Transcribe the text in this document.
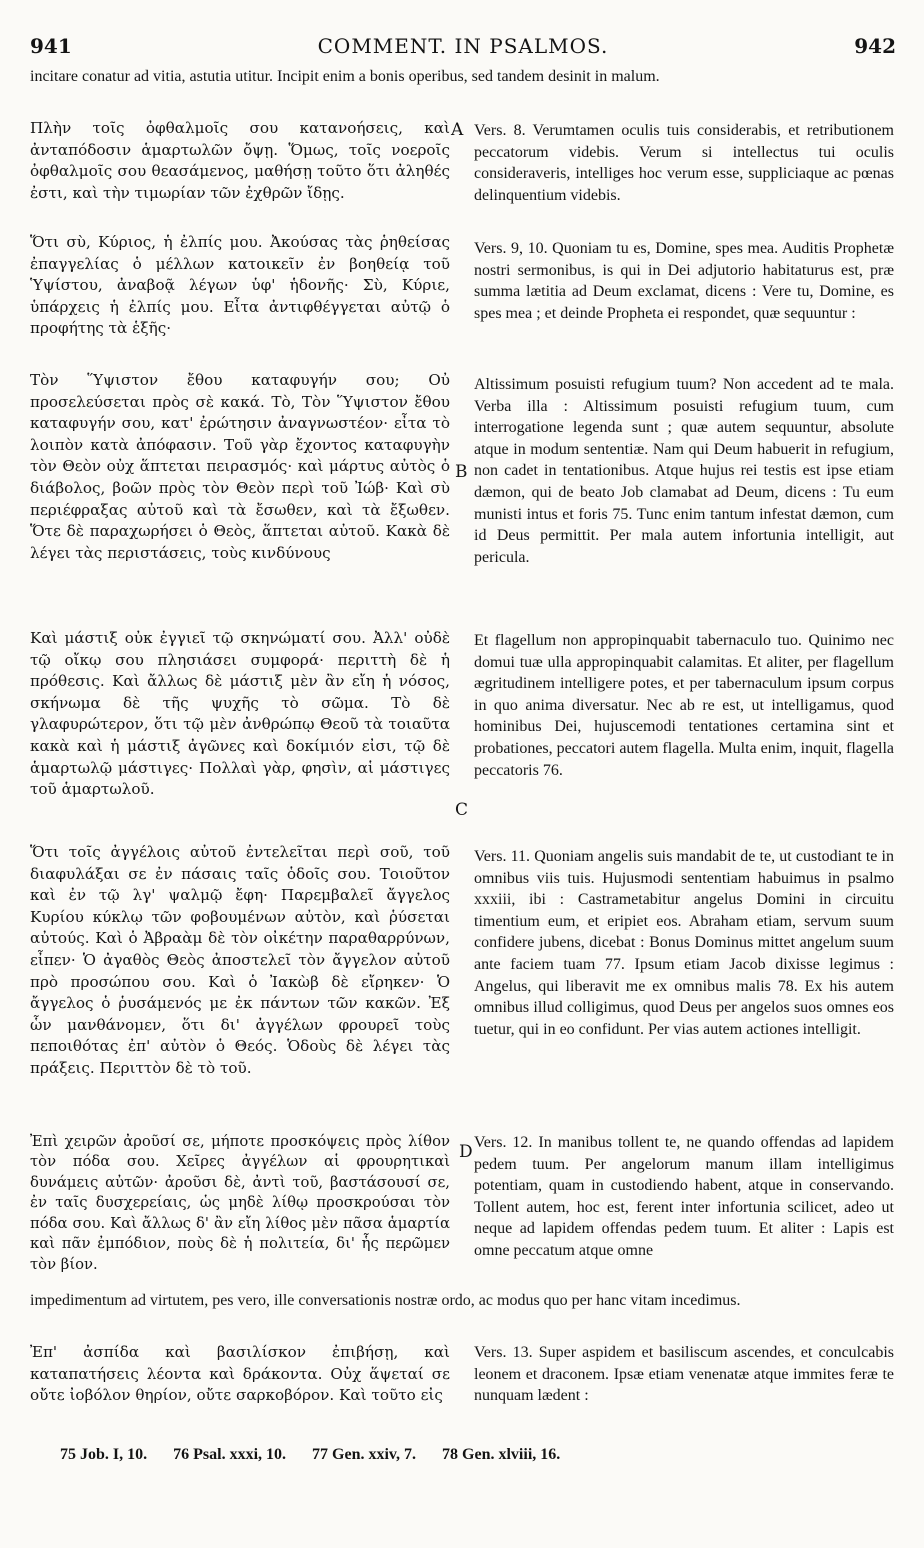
941	COMMENT. IN PSALMOS.	942
incitare conatur ad vitia, astutia utitur. Incipit enim a bonis operibus, sed tandem desinit in malum.

Πλὴν τοῖς ὀφθαλμοῖς σου κατανοήσεις, καὶ ἀνταπόδοσιν ἁμαρτωλῶν ὄψῃ. Ὅμως, τοῖς νοεροῖς ὀφθαλμοῖς σου θεασάμενος, μαθήσῃ τοῦτο ὅτι ἀληθές ἐστι, καὶ τὴν τιμωρίαν τῶν ἐχθρῶν ἴδῃς.

Ὅτι σὺ, Κύριος, ἡ ἐλπίς μου. Ἀκούσας τὰς ῥηθείσας ἐπαγγελίας ὁ μέλλων κατοικεῖν ἐν βοηθείᾳ τοῦ Ὑψίστου, ἀναβοᾷ λέγων ὑφ' ἡδονῆς· Σὺ, Κύριε, ὑπάρχεις ἡ ἐλπίς μου. Εἶτα ἀντιφθέγγεται αὐτῷ ὁ προφήτης τὰ ἑξῆς·

Τὸν Ὕψιστον ἔθου καταφυγήν σου; Οὐ προσελεύσεται πρὸς σὲ κακά. Τὸ, Τὸν Ὕψιστον ἔθου καταφυγήν σου, κατ' ἐρώτησιν ἀναγνωστέον· εἶτα τὸ λοιπὸν κατὰ ἀπόφασιν. Τοῦ γὰρ ἔχοντος καταφυγὴν τὸν Θεὸν οὐχ ἅπτεται πειρασμός· καὶ μάρτυς αὐτὸς ὁ διάβολος, βοῶν πρὸς τὸν Θεὸν περὶ τοῦ Ἰώβ· Καὶ σὺ περιέφραξας αὐτοῦ καὶ τὰ ἔσωθεν, καὶ τὰ ἔξωθεν. Ὅτε δὲ παραχωρήσει ὁ Θεὸς, ἅπτεται αὐτοῦ. Κακὰ δὲ λέγει τὰς περιστάσεις, τοὺς κινδύνους

Καὶ μάστιξ οὐκ ἐγγιεῖ τῷ σκηνώματί σου. Ἀλλ' οὐδὲ τῷ οἴκῳ σου πλησιάσει συμφορά· περιττὴ δὲ ἡ πρόθεσις. Καὶ ἄλλως δὲ μάστιξ μὲν ἂν εἴη ἡ νόσος, σκήνωμα δὲ τῆς ψυχῆς τὸ σῶμα. Τὸ δὲ γλαφυρώτερον, ὅτι τῷ μὲν ἀνθρώπῳ Θεοῦ τὰ τοιαῦτα κακὰ καὶ ἡ μάστιξ ἀγῶνες καὶ δοκίμιόν εἰσι, τῷ δὲ ἁμαρτωλῷ μάστιγες· Πολλαὶ γὰρ, φησὶν, αἱ μάστιγες τοῦ ἁμαρτωλοῦ.

Ὅτι τοῖς ἀγγέλοις αὐτοῦ ἐντελεῖται περὶ σοῦ, τοῦ διαφυλάξαι σε ἐν πάσαις ταῖς ὁδοῖς σου. Τοιοῦτον καὶ ἐν τῷ λγ' ψαλμῷ ἔφη· Παρεμβαλεῖ ἄγγελος Κυρίου κύκλῳ τῶν φοβουμένων αὐτὸν, καὶ ῥύσεται αὐτούς. Καὶ ὁ Ἀβραὰμ δὲ τὸν οἰκέτην παραθαρρύνων, εἶπεν· Ὁ ἀγαθὸς Θεὸς ἀποστελεῖ τὸν ἄγγελον αὐτοῦ πρὸ προσώπου σου. Καὶ ὁ Ἰακὼβ δὲ εἴρηκεν· Ὁ ἄγγελος ὁ ῥυσάμενός με ἐκ πάντων τῶν κακῶν. Ἐξ ὧν μανθάνομεν, ὅτι δι' ἀγγέλων φρουρεῖ τοὺς πεποιθότας ἐπ' αὐτὸν ὁ Θεός. Ὁδοὺς δὲ λέγει τὰς πράξεις. Περιττὸν δὲ τὸ τοῦ.

Ἐπὶ χειρῶν ἀροῦσί σε, μήποτε προσκόψεις πρὸς λίθον τὸν πόδα σου. Χεῖρες ἀγγέλων αἱ φρουρητικαὶ δυνάμεις αὐτῶν· ἀροῦσι δὲ, ἀντὶ τοῦ, βαστάσουσί σε, ἐν ταῖς δυσχερείαις, ὡς μηδὲ λίθῳ προσκρούσαι τὸν πόδα σου. Καὶ ἄλλως δ' ἂν εἴη λίθος μὲν πᾶσα ἁμαρτία καὶ πᾶν ἐμπόδιον, ποὺς δὲ ἡ πολιτεία, δι' ἧς περῶμεν τὸν βίον.

Ἐπ' ἀσπίδα καὶ βασιλίσκον ἐπιβήσῃ, καὶ καταπατήσεις λέοντα καὶ δράκοντα. Οὐχ ἅψεταί σε οὔτε ἰοβόλον θηρίον, οὔτε σαρκοβόρον. Καὶ τοῦτο εἰς

A
B
C
D

Vers. 8. Verumtamen oculis tuis considerabis, et retributionem peccatorum videbis. Verum si intellectus tui oculis consideraveris, intelliges hoc verum esse, suppliciaque ac pœnas delinquentium videbis.

Vers. 9, 10. Quoniam tu es, Domine, spes mea. Auditis Prophetæ nostri sermonibus, is qui in Dei adjutorio habitaturus est, præ summa lætitia ad Deum exclamat, dicens : Vere tu, Domine, es spes mea ; et deinde Propheta ei respondet, quæ sequuntur :

Altissimum posuisti refugium tuum? Non accedent ad te mala. Verba illa : Altissimum posuisti refugium tuum, cum interrogatione legenda sunt ; quæ autem sequuntur, absolute atque in modum sententiæ. Nam qui Deum habuerit in refugium, non cadet in tentationibus. Atque hujus rei testis est ipse etiam dæmon, qui de beato Job clamabat ad Deum, dicens : Tu eum munisti intus et foris 75. Tunc enim tantum infestat dæmon, cum id Deus permittit. Per mala autem infortunia intelligit, aut pericula.

Et flagellum non appropinquabit tabernaculo tuo. Quinimo nec domui tuæ ulla appropinquabit calamitas. Et aliter, per flagellum ægritudinem intelligere potes, et per tabernaculum ipsum corpus in quo anima diversatur. Nec ab re est, ut intelligamus, quod hominibus Dei, hujuscemodi tentationes certamina sint et probationes, peccatori autem flagella. Multa enim, inquit, flagella peccatoris 76.

Vers. 11. Quoniam angelis suis mandabit de te, ut custodiant te in omnibus viis tuis. Hujusmodi sententiam habuimus in psalmo xxxiii, ibi : Castrametabitur angelus Domini in circuitu timentium eum, et eripiet eos. Abraham etiam, servum suum confidere jubens, dicebat : Bonus Dominus mittet angelum suum ante faciem tuam 77. Ipsum etiam Jacob dixisse legimus : Angelus, qui liberavit me ex omnibus malis 78. Ex his autem omnibus illud colligimus, quod Deus per angelos suos omnes eos tuetur, qui in eo confidunt. Per vias autem actiones intelligit.

Vers. 12. In manibus tollent te, ne quando offendas ad lapidem pedem tuum. Per angelorum manum illam intelligimus potentiam, quam in custodiendo habent, atque in conservando. Tollent autem, hoc est, ferent inter infortunia scilicet, adeo ut neque ad lapidem offendas pedem tuum. Et aliter : Lapis est omne peccatum atque omne

Vers. 13. Super aspidem et basiliscum ascendes, et conculcabis leonem et draconem. Ipsæ etiam venenatæ atque immites feræ te nunquam lædent :

impedimentum ad virtutem, pes vero, ille conversationis nostræ ordo, ac modus quo per hanc vitam incedimus.
75 Job. I, 10. 76 Psal. xxxi, 10. 77 Gen. xxiv, 7. 78 Gen. xlviii, 16.
